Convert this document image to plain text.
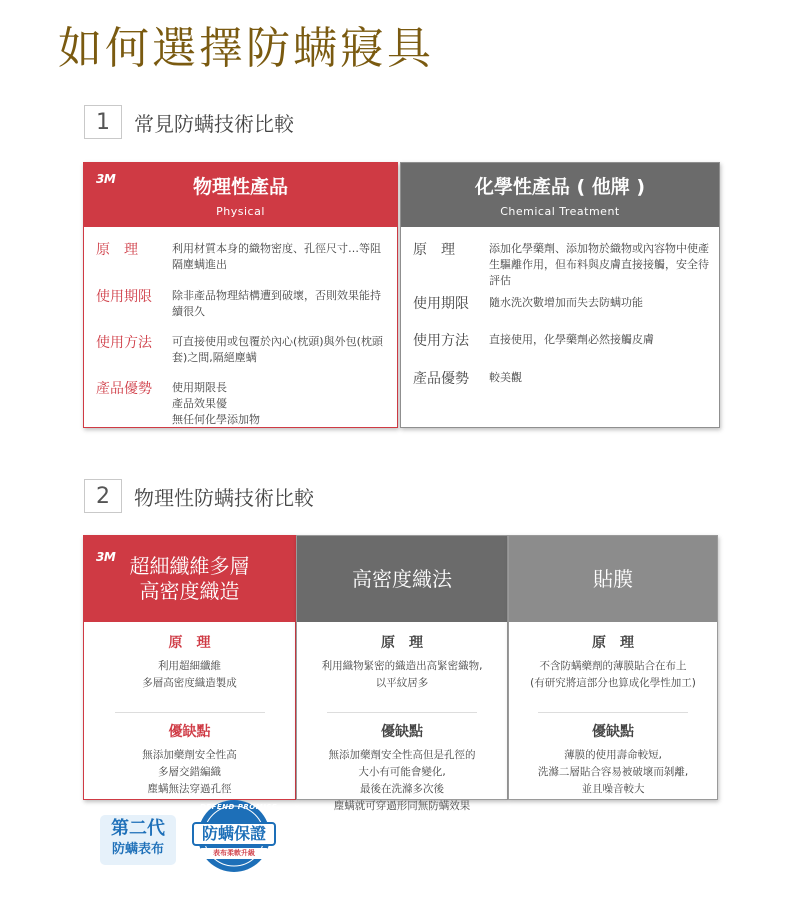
如何選擇防螨寢具
1	常見防螨技術比較
3M	物理性產品
Physical
原　理	利用材質本身的織物密度、孔徑尺寸…等阻隔塵螨進出
使用期限	除非產品物理結構遭到破壞，否則效果能持續很久
使用方法	可直接使用或包覆於內心(枕頭)與外包(枕頭套)之間,隔絕塵螨
產品優勢	使用期限長
產品效果優
無任何化學添加物
化學性產品 ( 他牌 )
Chemical Treatment
原　理	添加化學藥劑、添加物於織物或內容物中使產生驅離作用，但布料與皮膚直接接觸，安全待評估
使用期限	隨水洗次數增加而失去防螨功能
使用方法	直接使用，化學藥劑必然接觸皮膚
產品優勢	較美觀
2	物理性防螨技術比較
3M 超細纖維多層
高密度織造
原　理
利用超細纖維
多層高密度織造製成
優缺點
無添加藥劑安全性高
多層交錯編織
塵螨無法穿過孔徑
高密度織法
原　理
利用織物緊密的織造出高緊密織物,
以平紋居多
優缺點
無添加藥劑安全性高但是孔徑的
大小有可能會變化,
最後在洗滌多次後
塵螨就可穿過形同無防螨效果
貼膜
原　理
不含防螨藥劑的薄膜貼合在布上
(有研究將這部分也算成化學性加工)
優缺點
薄膜的使用壽命較短,
洗滌二層貼合容易被破壞而剝離,
並且噪音較大
第二代
防螨表布
DEFEND PROMISE
防螨保證
表布柔軟升級
